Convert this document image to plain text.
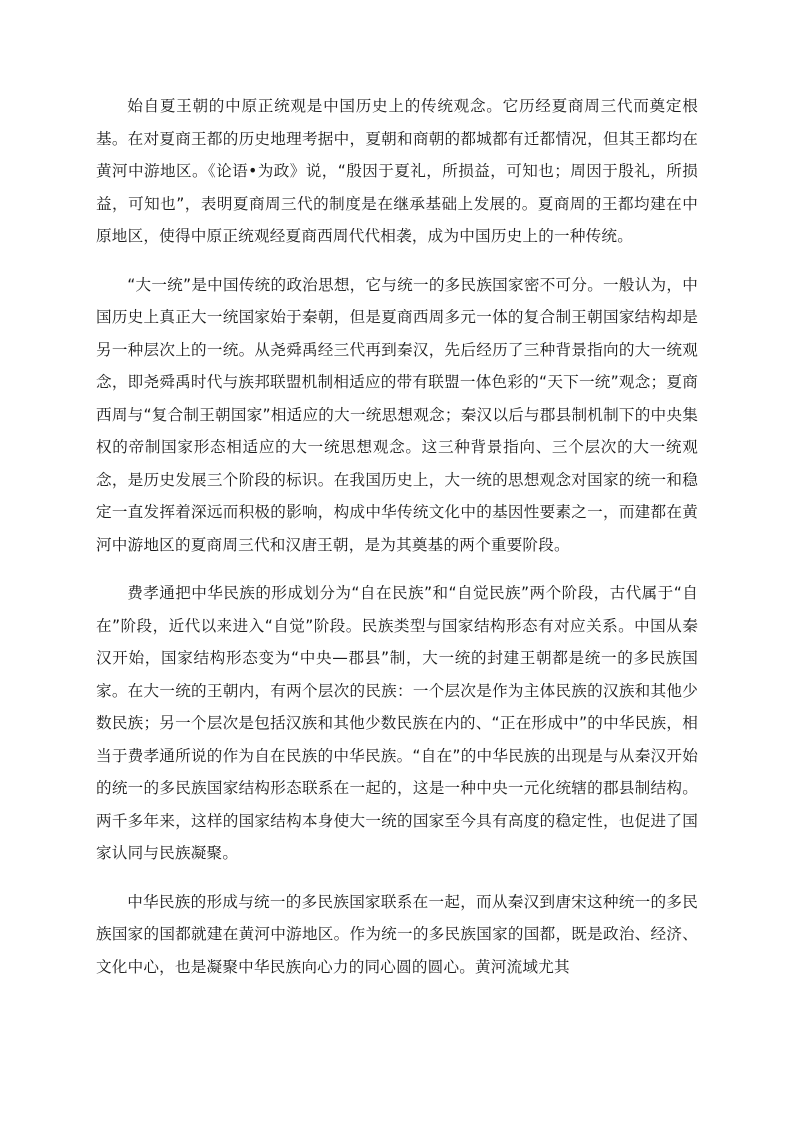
始自夏王朝的中原正统观是中国历史上的传统观念。它历经夏商周三代而奠定根基。在对夏商王都的历史地理考据中，夏朝和商朝的都城都有迁都情况，但其王都均在黄河中游地区。《论语•为政》说，“殷因于夏礼，所损益，可知也；周因于殷礼，所损益，可知也”，表明夏商周三代的制度是在继承基础上发展的。夏商周的王都均建在中原地区，使得中原正统观经夏商西周代代相袭，成为中国历史上的一种传统。

“大一统”是中国传统的政治思想，它与统一的多民族国家密不可分。一般认为，中国历史上真正大一统国家始于秦朝，但是夏商西周多元一体的复合制王朝国家结构却是另一种层次上的一统。从尧舜禹经三代再到秦汉，先后经历了三种背景指向的大一统观念，即尧舜禹时代与族邦联盟机制相适应的带有联盟一体色彩的“天下一统”观念；夏商西周与“复合制王朝国家”相适应的大一统思想观念；秦汉以后与郡县制机制下的中央集权的帝制国家形态相适应的大一统思想观念。这三种背景指向、三个层次的大一统观念，是历史发展三个阶段的标识。在我国历史上，大一统的思想观念对国家的统一和稳定一直发挥着深远而积极的影响，构成中华传统文化中的基因性要素之一，而建都在黄河中游地区的夏商周三代和汉唐王朝，是为其奠基的两个重要阶段。

费孝通把中华民族的形成划分为“自在民族”和“自觉民族”两个阶段，古代属于“自在”阶段，近代以来进入“自觉”阶段。民族类型与国家结构形态有对应关系。中国从秦汉开始，国家结构形态变为“中央—郡县”制，大一统的封建王朝都是统一的多民族国家。在大一统的王朝内，有两个层次的民族：一个层次是作为主体民族的汉族和其他少数民族；另一个层次是包括汉族和其他少数民族在内的、“正在形成中”的中华民族，相当于费孝通所说的作为自在民族的中华民族。“自在”的中华民族的出现是与从秦汉开始的统一的多民族国家结构形态联系在一起的，这是一种中央一元化统辖的郡县制结构。两千多年来，这样的国家结构本身使大一统的国家至今具有高度的稳定性，也促进了国家认同与民族凝聚。

中华民族的形成与统一的多民族国家联系在一起，而从秦汉到唐宋这种统一的多民族国家的国都就建在黄河中游地区。作为统一的多民族国家的国都，既是政治、经济、文化中心，也是凝聚中华民族向心力的同心圆的圆心。黄河流域尤其
